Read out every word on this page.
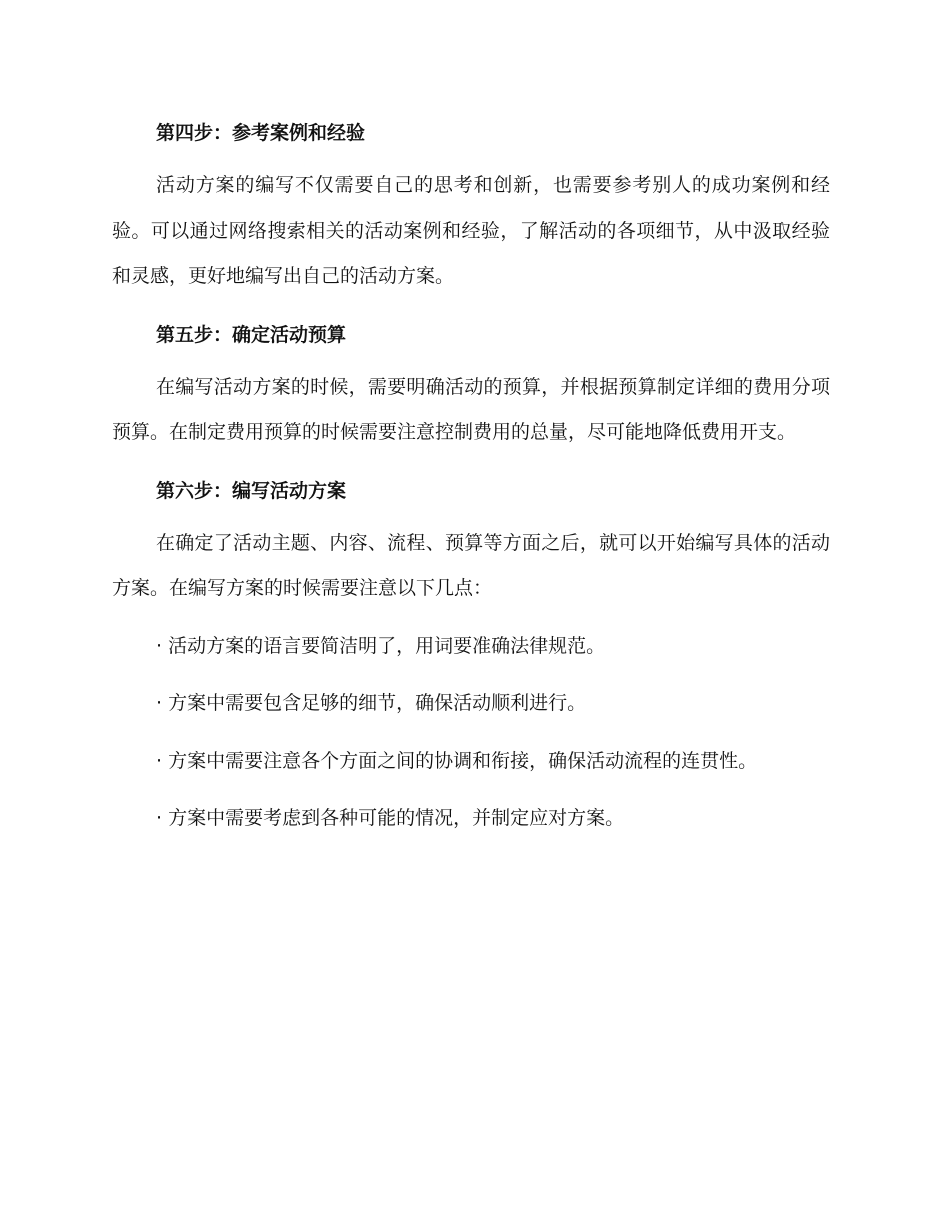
第四步：参考案例和经验

活动方案的编写不仅需要自己的思考和创新，也需要参考别人的成功案例和经验。可以通过网络搜索相关的活动案例和经验，了解活动的各项细节，从中汲取经验和灵感，更好地编写出自己的活动方案。

第五步：确定活动预算

在编写活动方案的时候，需要明确活动的预算，并根据预算制定详细的费用分项预算。在制定费用预算的时候需要注意控制费用的总量，尽可能地降低费用开支。

第六步：编写活动方案

在确定了活动主题、内容、流程、预算等方面之后，就可以开始编写具体的活动方案。在编写方案的时候需要注意以下几点：

· 活动方案的语言要简洁明了，用词要准确法律规范。

· 方案中需要包含足够的细节，确保活动顺利进行。

· 方案中需要注意各个方面之间的协调和衔接，确保活动流程的连贯性。

· 方案中需要考虑到各种可能的情况，并制定应对方案。
